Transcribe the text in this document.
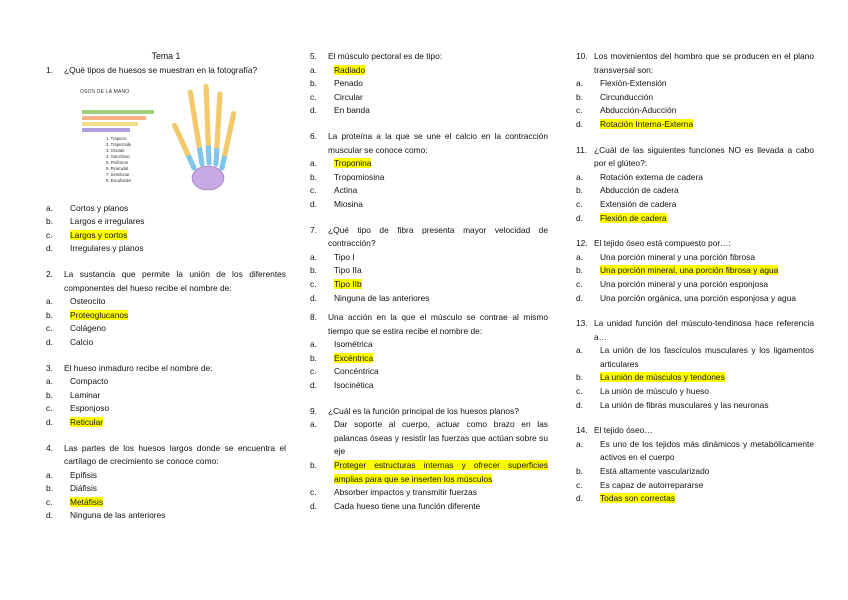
Tema 1
1.	¿Qué tipos de huesos se muestran en la fotografía?
OSOS DE LA MANO
1. Trapecio
2. Trapezoide
3. Grande
4. Ganchoso
5. Pisiforme
6. Piramidal
7. Semilunar
8. Escafoides
a.	Cortos y planos
b.	Largos e irregulares
c.	Largos y cortos
d.	Irregulares y planos
2.	La sustancia que permite la unión de los diferentes componentes del hueso recibe el nombre de:
a.	Osteocito
b.	Proteoglucanos
c.	Colágeno
d.	Calcio
3.	El hueso inmaduro recibe el nombre de:
a.	Compacto
b.	Laminar
c.	Esponjoso
d.	Reticular
4.	Las partes de los huesos largos donde se encuentra el cartílago de crecimiento se conoce como:
a.	Epífisis
b.	Diáfisis
c.	Metáfisis
d.	Ninguna de las anteriores
5.	El músculo pectoral es de tipo:
a.	Radiado
b.	Penado
c.	Circular
d.	En banda
6.	La proteína a la que se une el calcio en la contracción muscular se conoce como:
a.	Troponina
b.	Tropomiosina
c.	Actina
d.	Miosina
7.	¿Qué tipo de fibra presenta mayor velocidad de contracción?
a.	Tipo I
b.	Tipo IIa
c.	Tipo IIb
d.	Ninguna de las anteriores
8.	Una acción en la que el músculo se contrae al mismo tiempo que se estira recibe el nombre de:
a.	Isométrica
b.	Excéntrica
c.	Concéntrica
d.	Isocinética
9.	¿Cuál es la función principal de los huesos planos?
a.	Dar soporte al cuerpo, actuar como brazo en las palancas óseas y resistir las fuerzas que actúan sobre su eje
b.	Proteger estructuras internas y ofrecer superficies amplias para que se inserten los músculos
c.	Absorber impactos y transmitir fuerzas
d.	Cada hueso tiene una función diferente
10. Los movimientos del hombro que se producen en el plano transversal son:
a.	Flexión-Extensión
b.	Circunducción
c.	Abducción-Aducción
d.	Rotación Interna-Externa
11. ¿Cuál de las siguientes funciones NO es llevada a cabo por el glúteo?:
a.	Rotación externa de cadera
b.	Abducción de cadera
c.	Extensión de cadera
d.	Flexión de cadera
12. El tejido óseo está compuesto por…:
a.	Una porción mineral y una porción fibrosa
b.	Una porción mineral, una porción fibrosa y agua
c.	Una porción mineral y una porción esponjosa
d.	Una porción orgánica, una porción esponjosa y agua
13. La unidad función del músculo-tendinosa hace referencia a…
a.	La unión de los fascículos musculares y los ligamentos articulares
b.	La unión de músculos y tendones
c.	La unión de músculo y hueso
d.	La unión de fibras musculares y las neuronas
14. El tejido óseo…
a.	Es uno de los tejidos más dinámicos y metabólicamente activos en el cuerpo
b.	Está altamente vascularizado
c.	Es capaz de autorrepararse
d.	Todas son correctas
